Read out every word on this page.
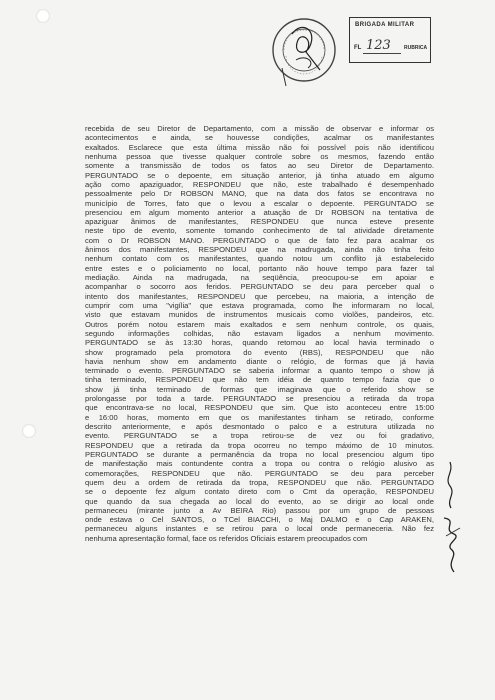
BRIGADA MILITAR
FL 123	RUBRICA
recebida de seu Diretor de Departamento, com a missão de observar e informar os
acontecimentos e ainda, se houvesse condições, acalmar os manifestantes
exaltados. Esclarece que esta última missão não foi possível pois não identificou
nenhuma pessoa que tivesse qualquer controle sobre os mesmos, fazendo então
somente a transmissão de todos os fatos ao seu Diretor de Departamento.
PERGUNTADO se o depoente, em situação anterior, já tinha atuado em algumo
ação como apaziguador, RESPONDEU que não, este trabalhado é desempenhado
pessoalmente pelo Dr ROBSON MANO, que na data dos fatos se encontrava no
município de Torres, fato que o levou a escalar o depoente. PERGUNTADO se
presenciou em algum momento anterior a atuação de Dr ROBSON na tentativa de
apaziguar ânimos de manifestantes, RESPONDEU que nunca esteve presente
neste tipo de evento, somente tomando conhecimento de tal atividade diretamente
com o Dr ROBSON MANO. PERGUNTADO o que de fato fez para acalmar os
ânimos dos manifestantes, RESPONDEU que na madrugada, ainda não tinha feito
nenhum contato com os manifestantes, quando notou um conflito já estabelecido
entre estes e o policiamento no local, portanto não houve tempo para fazer tal
mediação. Ainda na madrugada, na seqüência, preocupou-se em apoiar e
acompanhar o socorro aos feridos. PERGUNTADO se deu para perceber qual o
intento dos manifestantes, RESPONDEU que percebeu, na maioria, a intenção de
cumprir com uma "vigília" que estava programada, como lhe informaram no local,
visto que estavam munidos de instrumentos musicais como violões, pandeiros, etc.
Outros porém notou estarem mais exaltados e sem nenhum controle, os quais,
segundo informações colhidas, não estavam ligados a nenhum movimento.
PERGUNTADO se às 13:30 horas, quando retornou ao local havia terminado o
show programado pela promotora do evento (RBS), RESPONDEU que não
havia nenhum show em andamento diante o relógio, de formas que já havia
terminado o evento. PERGUNTADO se saberia informar a quanto tempo o show já
tinha terminado, RESPONDEU que não tem idéia de quanto tempo fazia que o
show já tinha terminado de formas que imaginava que o referido show se
prolongasse por toda a tarde. PERGUNTADO se presenciou a retirada da tropa
que encontrava-se no local, RESPONDEU que sim. Que isto aconteceu entre 15:00
e 16:00 horas, momento em que os manifestantes tinham se retirado, conforme
descrito anteriormente, e após desmontado o palco e a estrutura utilizada no
evento. PERGUNTADO se a tropa retirou-se de vez ou foi gradativo,
RESPONDEU que a retirada da tropa ocorreu no tempo máximo de 10 minutos.
PERGUNTADO se durante a permanência da tropa no local presenciou algum tipo
de manifestação mais contundente contra a tropa ou contra o relógio alusivo as
comemorações, RESPONDEU que não. PERGUNTADO se deu para perceber
quem deu a ordem de retirada da tropa, RESPONDEU que não. PERGUNTADO
se o depoente fez algum contato direto com o Cmt da operação, RESPONDEU
que quando da sua chegada ao local do evento, ao se dirigir ao local onde
permaneceu (mirante junto a Av BEIRA Rio) passou por um grupo de pessoas
onde estava o Cel SANTOS, o TCel BIACCHI, o Maj DALMO e o Cap ARAKEN,
permaneceu alguns instantes e se retirou para o local onde permaneceria. Não fez
nenhuma apresentação formal, face os referidos Oficiais estarem preocupados com
